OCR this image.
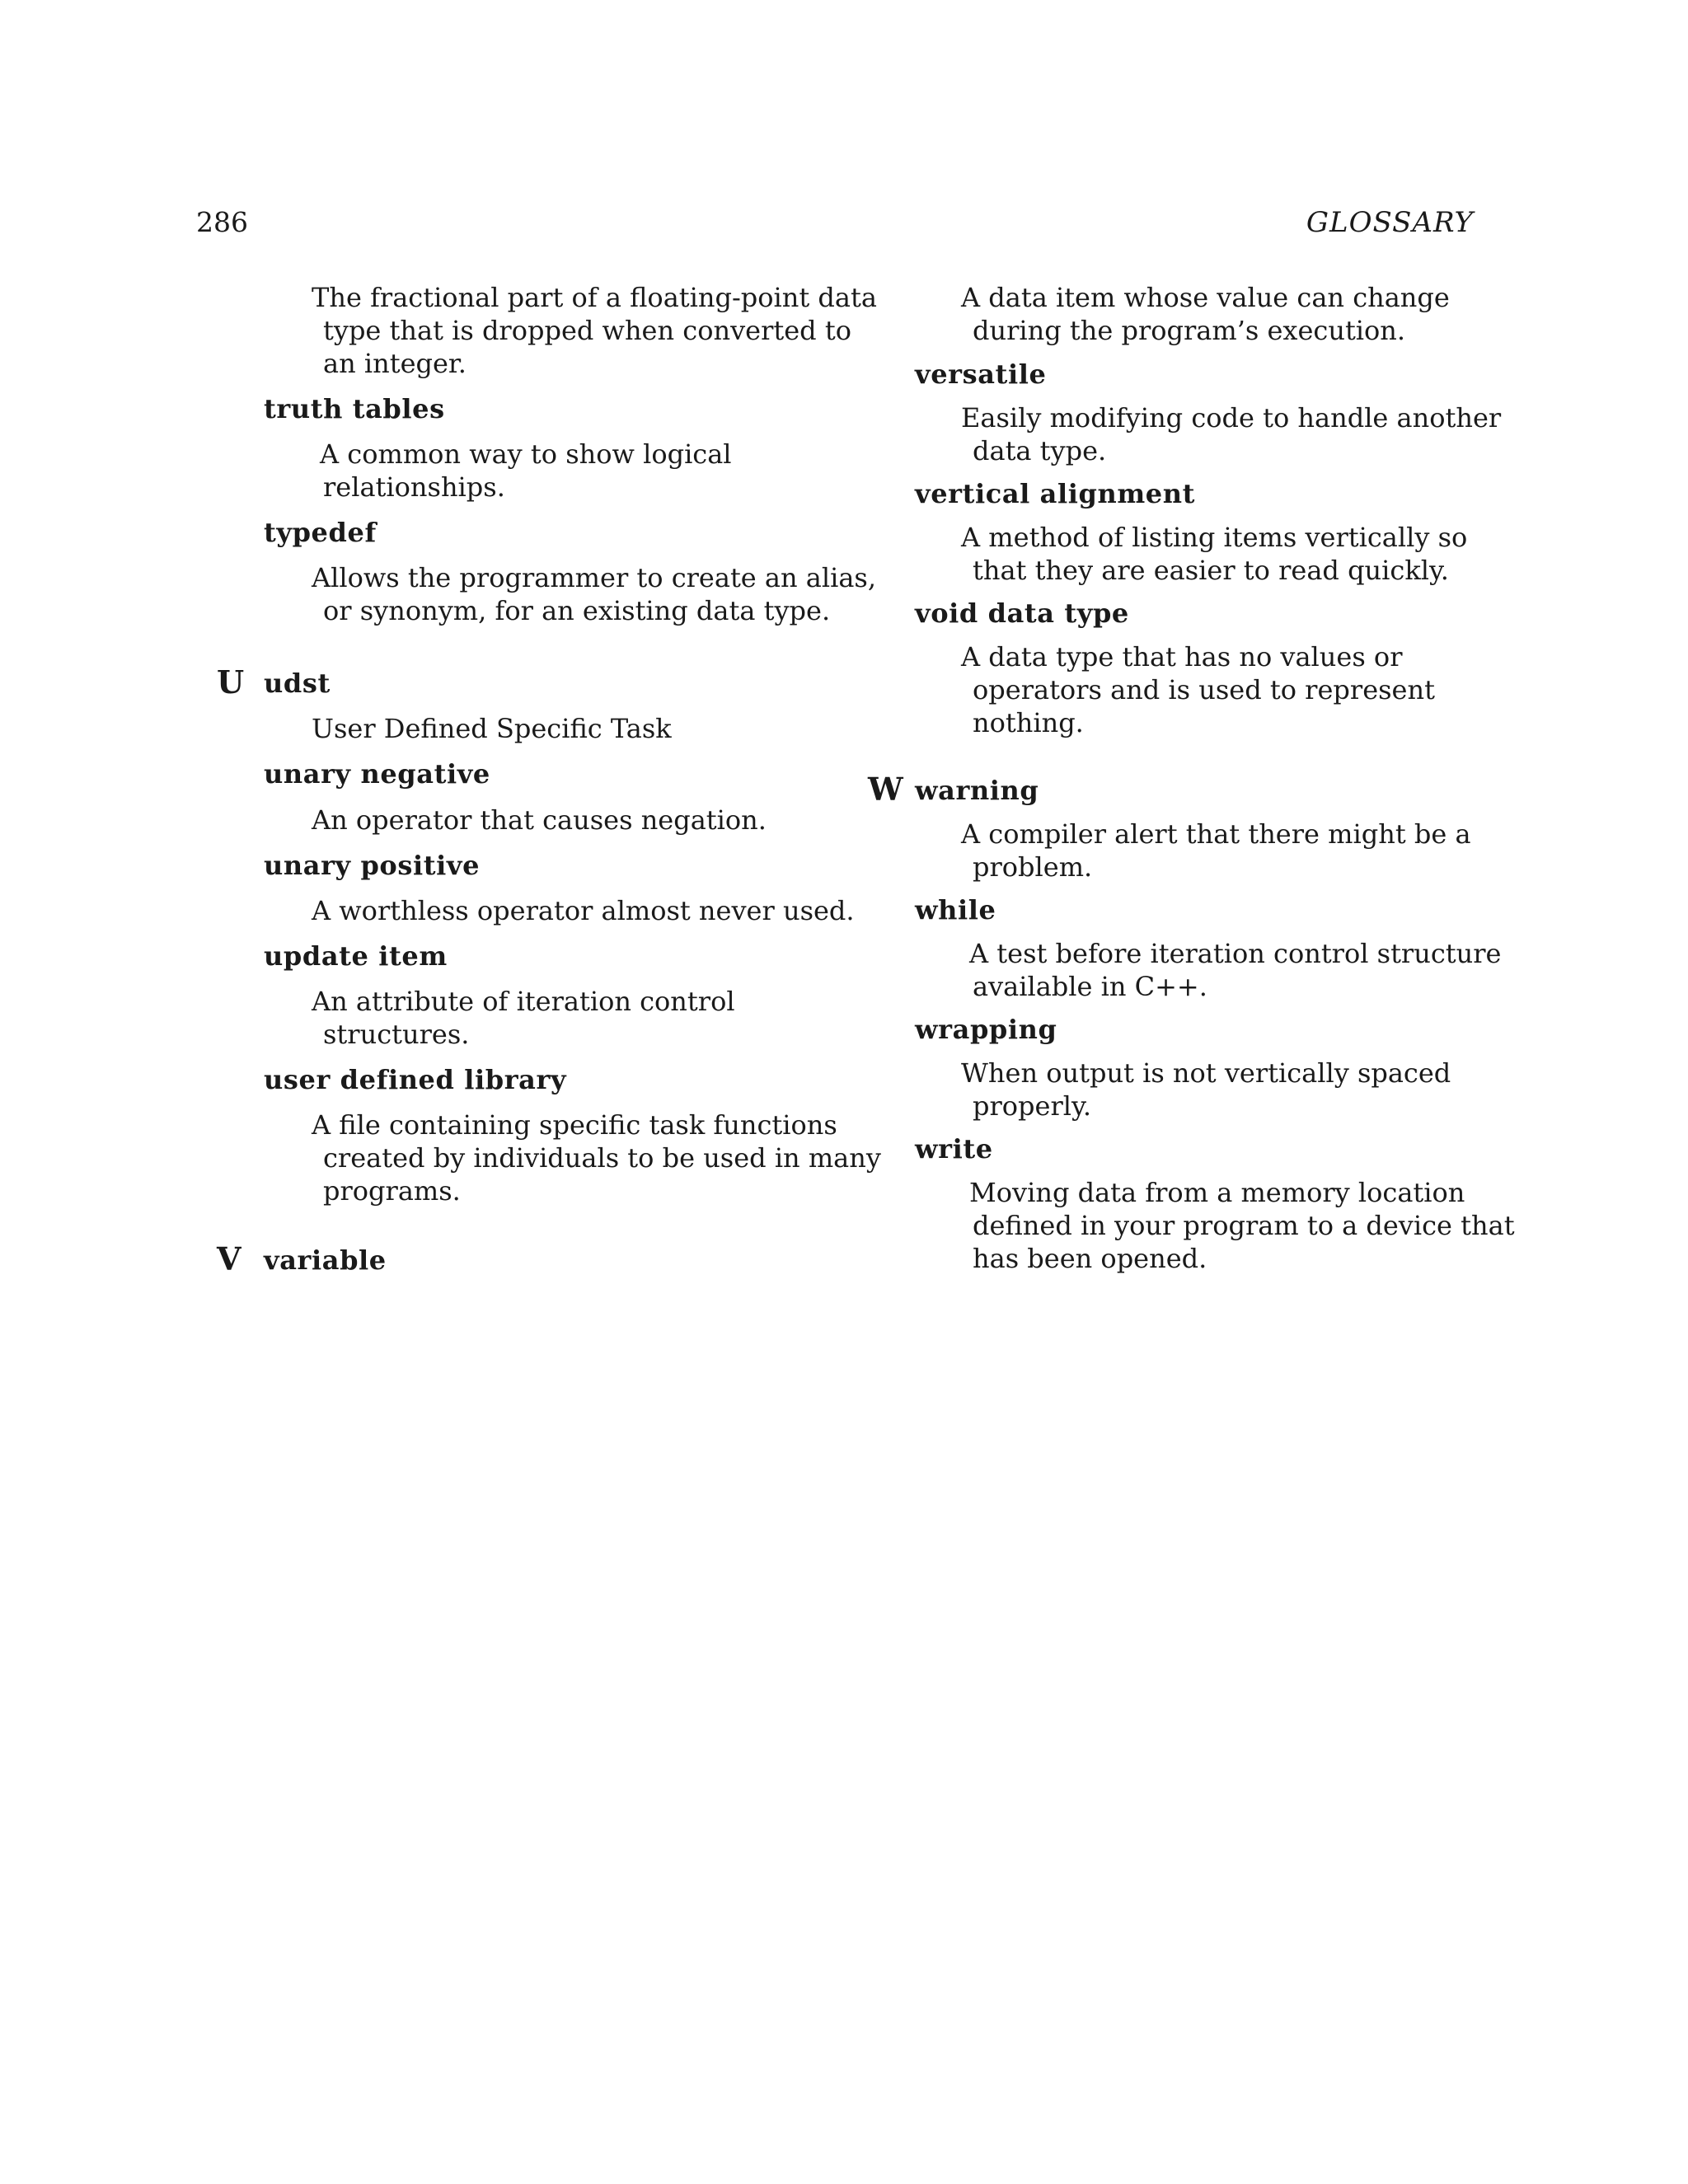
286	GLOSSARY
The fractional part of a floating-point data
type that is dropped when converted to
an integer.
truth tables
A common way to show logical
relationships.
typedef
Allows the programmer to create an alias,
or synonym, for an existing data type.
U udst
User Defined Specific Task
unary negative
An operator that causes negation.
unary positive
A worthless operator almost never used.
update item
An attribute of iteration control
structures.
user defined library
A file containing specific task functions
created by individuals to be used in many
programs.
V variable
A data item whose value can change
during the program’s execution.
versatile
Easily modifying code to handle another
data type.
vertical alignment
A method of listing items vertically so
that they are easier to read quickly.
void data type
A data type that has no values or
operators and is used to represent
nothing.
W warning
A compiler alert that there might be a
problem.
while
A test before iteration control structure
available in C++.
wrapping
When output is not vertically spaced
properly.
write
Moving data from a memory location
defined in your program to a device that
has been opened.
